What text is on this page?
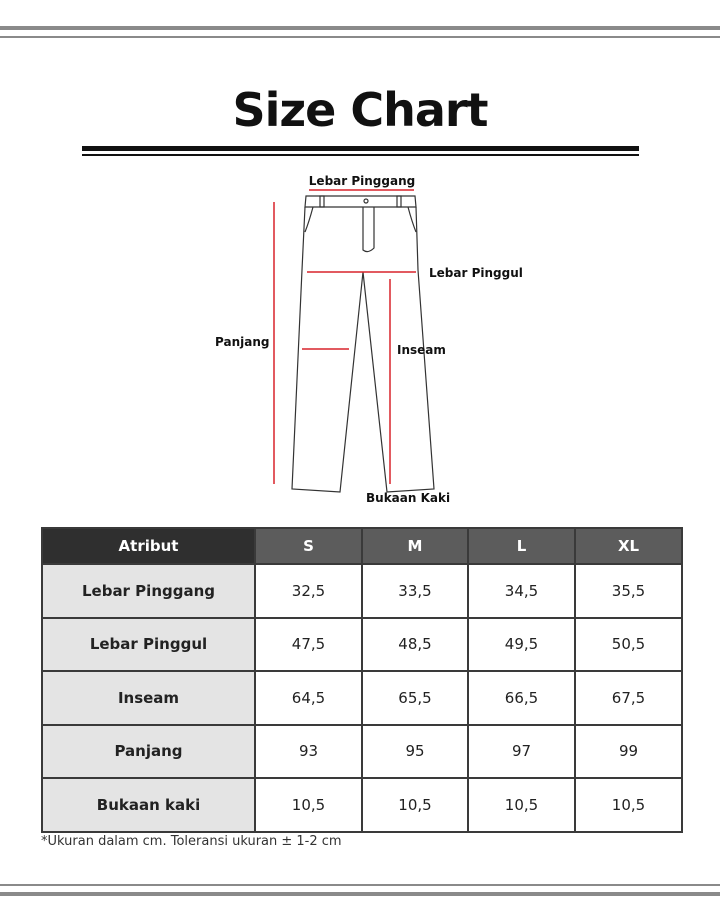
Size Chart
Lebar Pinggang
Lebar Pinggul
Panjang
Inseam
Bukaan Kaki
Atribut	S	M	L	XL
Lebar Pinggang	32,5	33,5	34,5	35,5
Lebar Pinggul	47,5	48,5	49,5	50,5
Inseam	64,5	65,5	66,5	67,5
Panjang	93	95	97	99
Bukaan kaki	10,5	10,5	10,5	10,5
*Ukuran dalam cm. Toleransi ukuran ± 1-2 cm
